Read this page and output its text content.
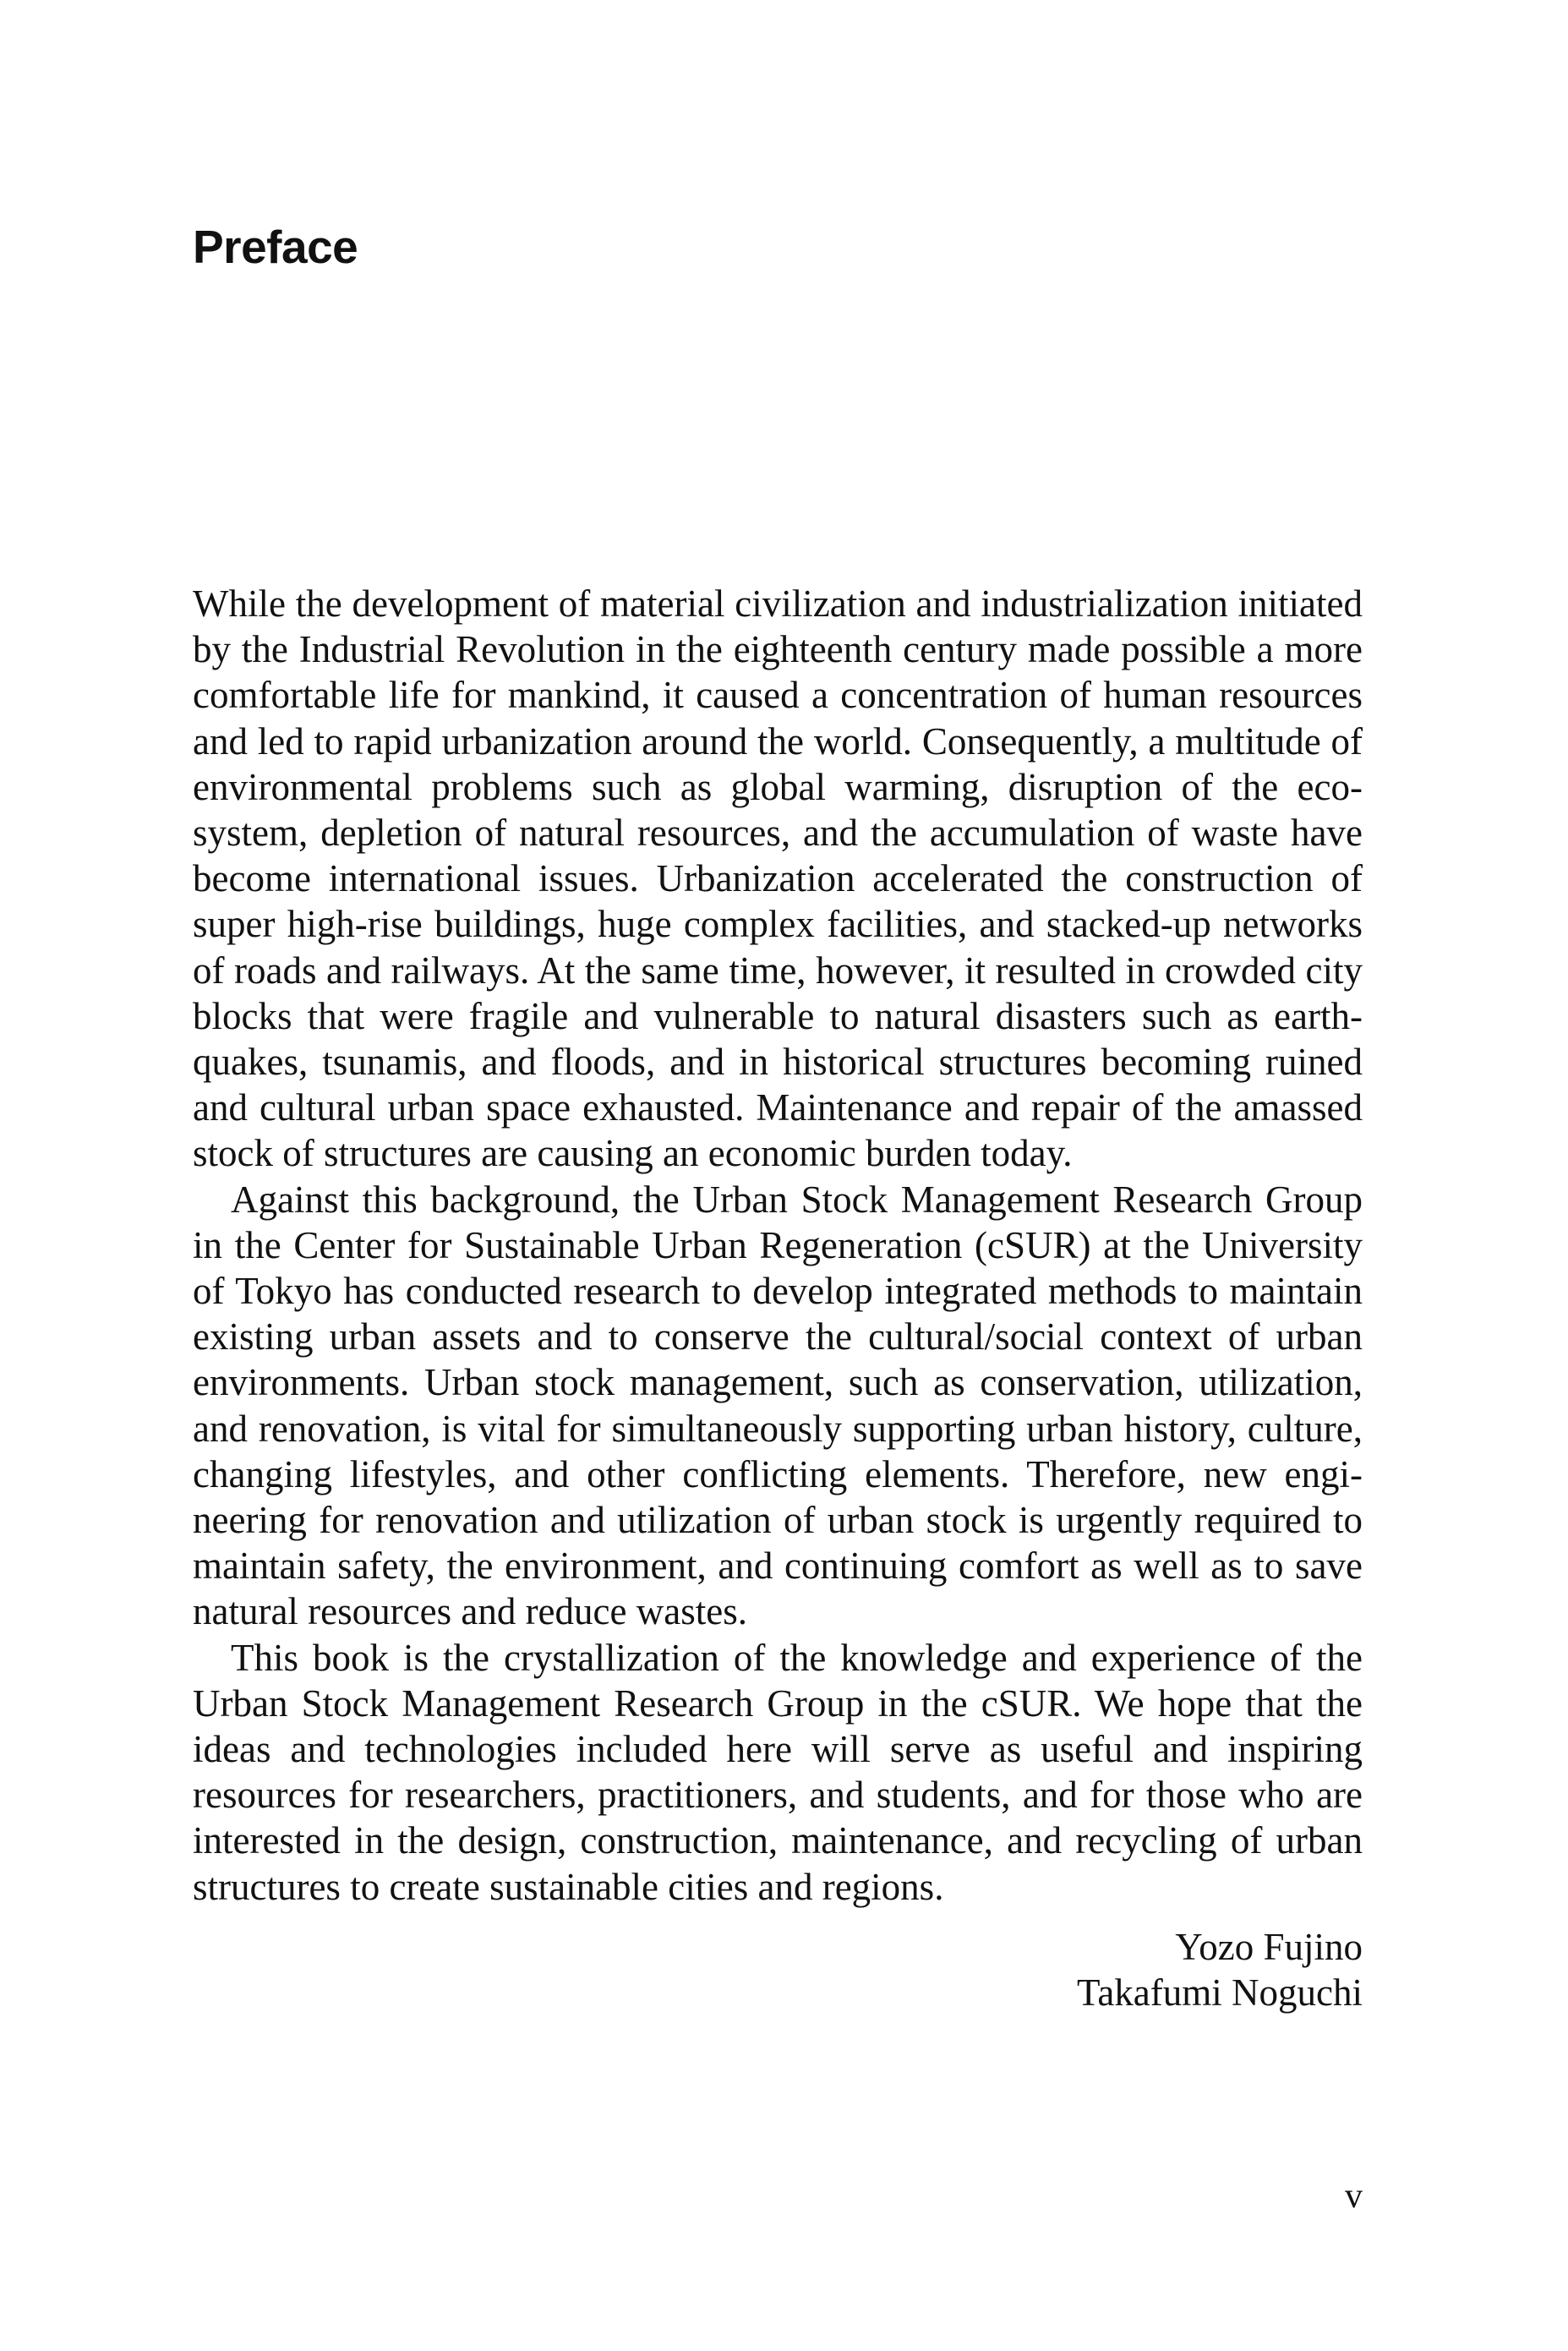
Preface

While the development of material civilization and industrialization initiated by the Industrial Revolution in the eighteenth century made possible a more comfortable life for mankind, it caused a concentration of human resources and led to rapid urbanization around the world. Consequently, a multitude of environmental problems such as global warming, disruption of the ecosystem, depletion of natural resources, and the accumulation of waste have become international issues. Urbanization accelerated the construction of super high-rise buildings, huge complex facilities, and stacked-up networks of roads and railways. At the same time, however, it resulted in crowded city blocks that were fragile and vulnerable to natural disasters such as earthquakes, tsunamis, and floods, and in historical structures becoming ruined and cultural urban space exhausted. Maintenance and repair of the amassed stock of structures are causing an economic burden today.

Against this background, the Urban Stock Management Research Group in the Center for Sustainable Urban Regeneration (cSUR) at the University of Tokyo has conducted research to develop integrated methods to maintain existing urban assets and to conserve the cultural/social context of urban environments. Urban stock management, such as conservation, utilization, and renovation, is vital for simultaneously supporting urban history, culture, changing lifestyles, and other conflicting elements. Therefore, new engineering for renovation and utilization of urban stock is urgently required to maintain safety, the environment, and continuing comfort as well as to save natural resources and reduce wastes.

This book is the crystallization of the knowledge and experience of the Urban Stock Management Research Group in the cSUR. We hope that the ideas and technologies included here will serve as useful and inspiring resources for researchers, practitioners, and students, and for those who are interested in the design, construction, maintenance, and recycling of urban structures to create sustainable cities and regions.

Yozo Fujino
Takafumi Noguchi
v
